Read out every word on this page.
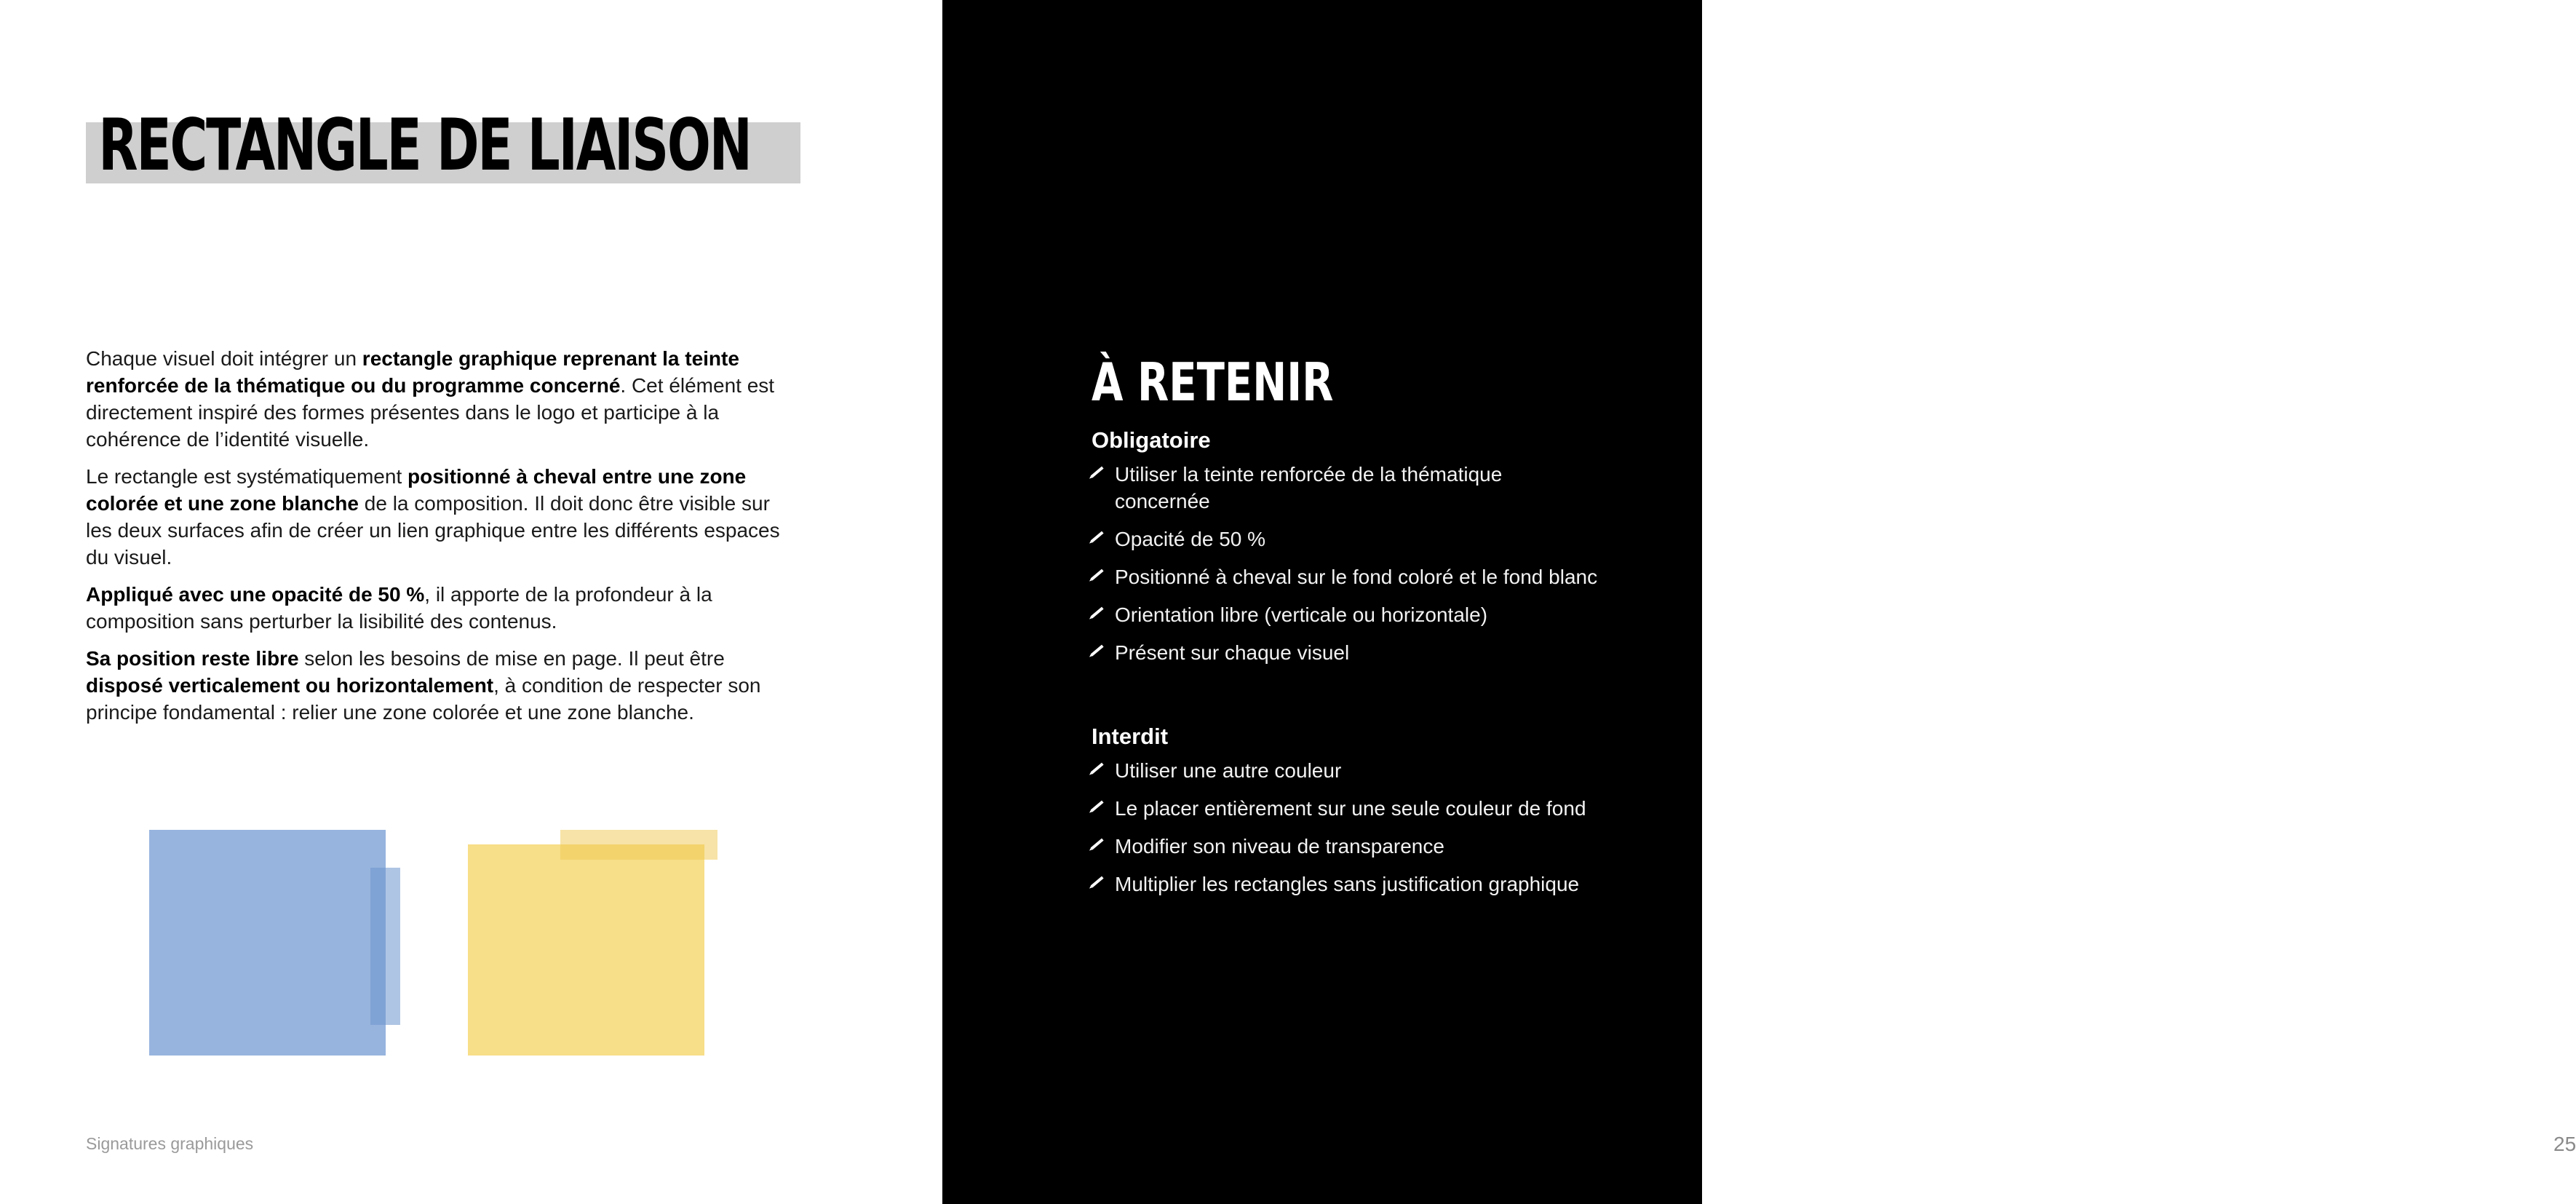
RECTANGLE DE LIAISON

Chaque visuel doit intégrer un rectangle graphique reprenant la teinte renforcée de la thématique ou du programme concerné. Cet élément est directement inspiré des formes présentes dans le logo et participe à la cohérence de l’identité visuelle.

Le rectangle est systématiquement positionné à cheval entre une zone colorée et une zone blanche de la composition. Il doit donc être visible sur les deux surfaces afin de créer un lien graphique entre les différents espaces du visuel.

Appliqué avec une opacité de 50 %, il apporte de la profondeur à la composition sans perturber la lisibilité des contenus.

Sa position reste libre selon les besoins de mise en page. Il peut être disposé verticalement ou horizontalement, à condition de respecter son principe fondamental : relier une zone colorée et une zone blanche.

Signatures graphiques
À RETENIR
Obligatoire
Utiliser la teinte renforcée de la thématique concernée
Opacité de 50 %
Positionné à cheval sur le fond coloré et le fond blanc
Orientation libre (verticale ou horizontale)
Présent sur chaque visuel
Interdit
Utiliser une autre couleur
Le placer entièrement sur une seule couleur de fond
Modifier son niveau de transparence
Multiplier les rectangles sans justification graphique
25
